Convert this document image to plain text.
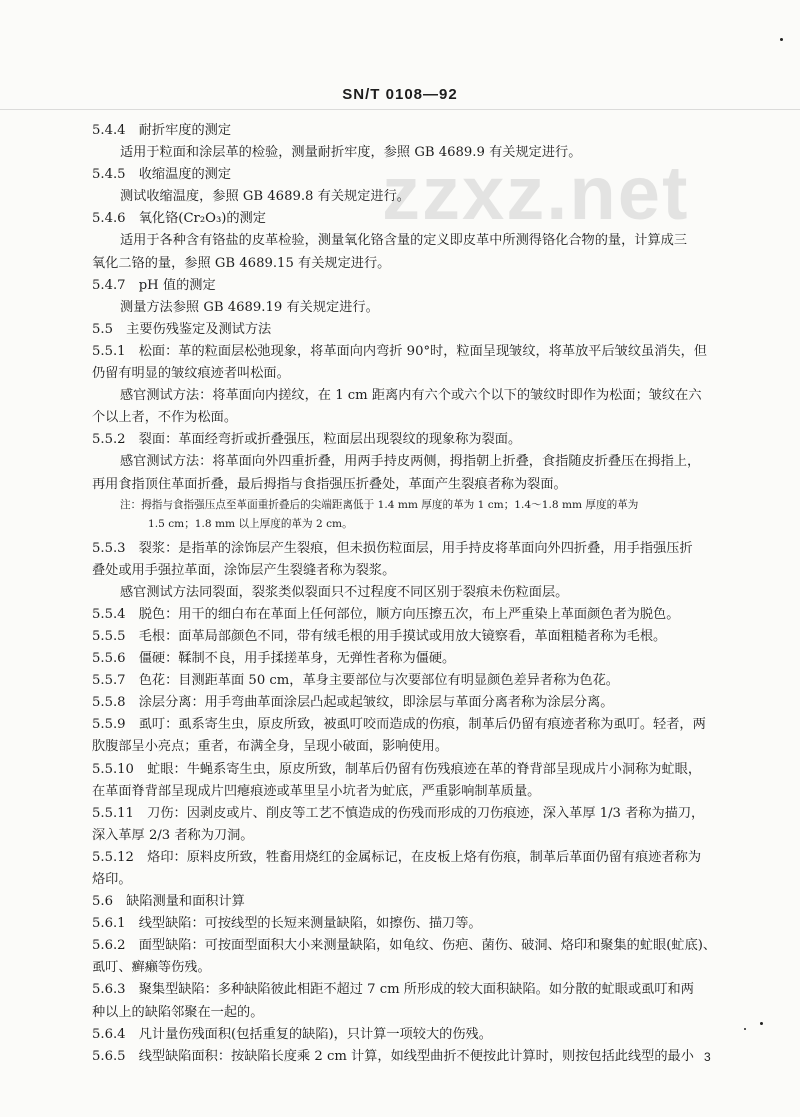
zzxz.net
SN/T 0108—92
5.4.4　耐折牢度的测定
适用于粒面和涂层革的检验，测量耐折牢度，参照 GB 4689.9 有关规定进行。
5.4.5　收缩温度的测定
测试收缩温度，参照 GB 4689.8 有关规定进行。
5.4.6　氧化铬(Cr₂O₃)的测定
适用于各种含有铬盐的皮革检验，测量氧化铬含量的定义即皮革中所测得铬化合物的量，计算成三
氧化二铬的量，参照 GB 4689.15 有关规定进行。
5.4.7　pH 值的测定
测量方法参照 GB 4689.19 有关规定进行。
5.5　主要伤残鉴定及测试方法
5.5.1　松面：革的粒面层松弛现象，将革面向内弯折 90°时，粒面呈现皱纹，将革放平后皱纹虽消失，但
仍留有明显的皱纹痕迹者叫松面。
感官测试方法：将革面向内搓纹，在 1 cm 距离内有六个或六个以下的皱纹时即作为松面；皱纹在六
个以上者，不作为松面。
5.5.2　裂面：革面经弯折或折叠强压，粒面层出现裂纹的现象称为裂面。
感官测试方法：将革面向外四重折叠，用两手持皮两侧，拇指朝上折叠，食指随皮折叠压在拇指上，
再用食指顶住革面折叠，最后拇指与食指强压折叠处，革面产生裂痕者称为裂面。
注：拇指与食指强压点至革面重折叠后的尖端距离低于 1.4 mm 厚度的革为 1 cm；1.4～1.8 mm 厚度的革为
1.5 cm；1.8 mm 以上厚度的革为 2 cm。
5.5.3　裂浆：是指革的涂饰层产生裂痕，但未损伤粒面层，用手持皮将革面向外四折叠，用手指强压折
叠处或用手强拉革面，涂饰层产生裂缝者称为裂浆。
感官测试方法同裂面，裂浆类似裂面只不过程度不同区别于裂痕未伤粒面层。
5.5.4　脱色：用干的细白布在革面上任何部位，顺方向压擦五次，布上严重染上革面颜色者为脱色。
5.5.5　毛根：面革局部颜色不同，带有绒毛根的用手摸试或用放大镜察看，革面粗糙者称为毛根。
5.5.6　僵硬：鞣制不良，用手揉搓革身，无弹性者称为僵硬。
5.5.7　色花：目测距革面 50 cm，革身主要部位与次要部位有明显颜色差异者称为色花。
5.5.8　涂层分离：用手弯曲革面涂层凸起或起皱纹，即涂层与革面分离者称为涂层分离。
5.5.9　虱叮：虱系寄生虫，原皮所致，被虱叮咬而造成的伤痕，制革后仍留有痕迹者称为虱叮。轻者，两
肷腹部呈小亮点；重者，布满全身，呈现小破面，影响使用。
5.5.10　虻眼：牛蝇系寄生虫，原皮所致，制革后仍留有伤残痕迹在革的脊背部呈现成片小洞称为虻眼，
在革面脊背部呈现成片凹瘪痕迹或革里呈小坑者为虻底，严重影响制革质量。
5.5.11　刀伤：因剥皮或片、削皮等工艺不慎造成的伤残而形成的刀伤痕迹，深入革厚 1/3 者称为描刀，
深入革厚 2/3 者称为刀洞。
5.5.12　烙印：原料皮所致，牲畜用烧红的金属标记，在皮板上烙有伤痕，制革后革面仍留有痕迹者称为
烙印。
5.6　缺陷测量和面积计算
5.6.1　线型缺陷：可按线型的长短来测量缺陷，如擦伤、描刀等。
5.6.2　面型缺陷：可按面型面积大小来测量缺陷，如龟纹、伤疤、菌伤、破洞、烙印和聚集的虻眼(虻底)、
虱叮、癣癞等伤残。
5.6.3　聚集型缺陷：多种缺陷彼此相距不超过 7 cm 所形成的较大面积缺陷。如分散的虻眼或虱叮和两
种以上的缺陷邻聚在一起的。
5.6.4　凡计量伤残面积(包括重复的缺陷)，只计算一项较大的伤残。
5.6.5　线型缺陷面积：按缺陷长度乘 2 cm 计算，如线型曲折不便按此计算时，则按包括此线型的最小 3
